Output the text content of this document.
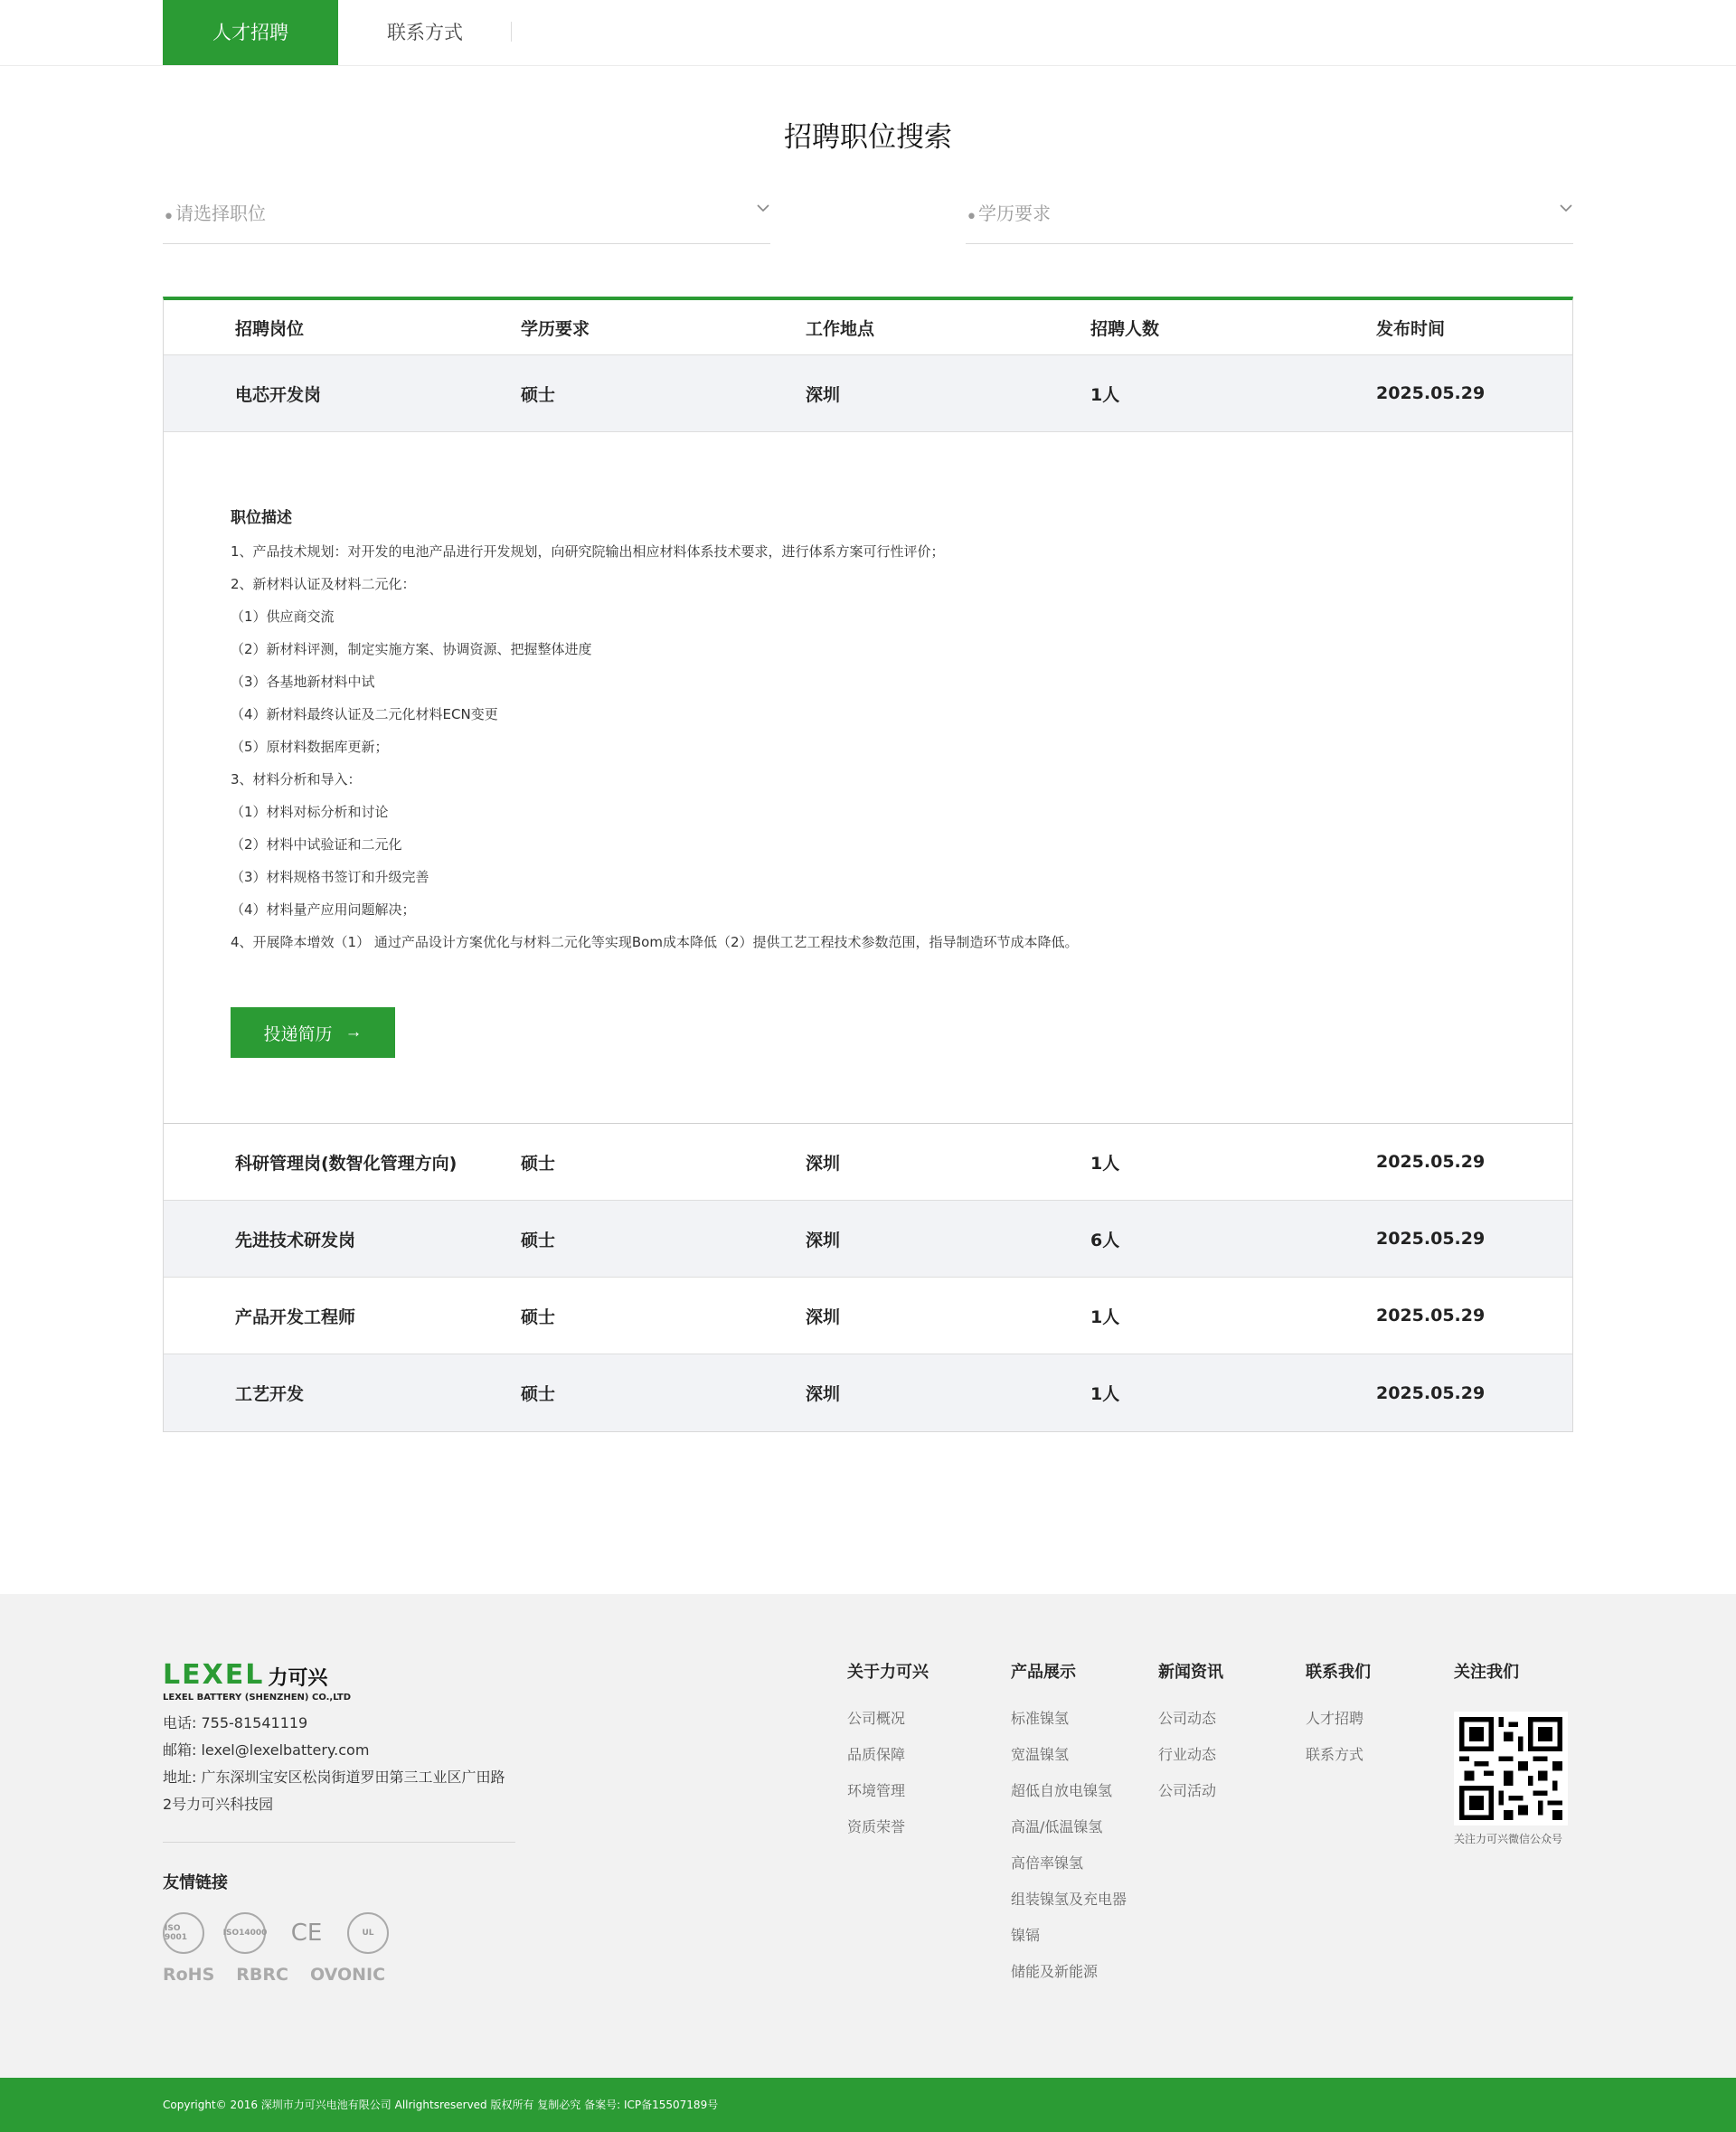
人才招聘	联系方式
招聘职位搜索
• 请选择职位	• 学历要求
招聘岗位	学历要求	工作地点	招聘人数	发布时间
电芯开发岗	硕士	深圳	1人	2025.05.29
职位描述
1、产品技术规划：对开发的电池产品进行开发规划，向研究院输出相应材料体系技术要求，进行体系方案可行性评价；
2、新材料认证及材料二元化：
（1）供应商交流
（2）新材料评测，制定实施方案、协调资源、把握整体进度
（3）各基地新材料中试
（4）新材料最终认证及二元化材料ECN变更
（5）原材料数据库更新；
3、材料分析和导入：
（1）材料对标分析和讨论
（2）材料中试验证和二元化
（3）材料规格书签订和升级完善
（4）材料量产应用问题解决；
4、开展降本增效（1） 通过产品设计方案优化与材料二元化等实现Bom成本降低（2）提供工艺工程技术参数范围，指导制造环节成本降低。
投递简历 →
科研管理岗(数智化管理方向)	硕士	深圳	1人	2025.05.29
先进技术研发岗	硕士	深圳	6人	2025.05.29
产品开发工程师	硕士	深圳	1人	2025.05.29
工艺开发	硕士	深圳	1人	2025.05.29
LEXEL 力可兴
LEXEL BATTERY (SHENZHEN) CO.,LTD
电话: 755-81541119
邮箱: lexel@lexelbattery.com
地址: 广东深圳宝安区松岗街道罗田第三工业区广田路
2号力可兴科技园
友情链接
ISO 9001	ISO14000 CE	UL
RoHS RBRC OVONIC
关于力可兴
公司概况
品质保障
环境管理
资质荣誉
产品展示
标准镍氢
宽温镍氢
超低自放电镍氢
高温/低温镍氢
高倍率镍氢
组装镍氢及充电器
镍镉
储能及新能源
新闻资讯
公司动态
行业动态
公司活动
联系我们
人才招聘
联系方式
关注我们
关注力可兴微信公众号
Copyright© 2016 深圳市力可兴电池有限公司 Allrightsreserved 版权所有 复制必究 备案号: ICP备15507189号
